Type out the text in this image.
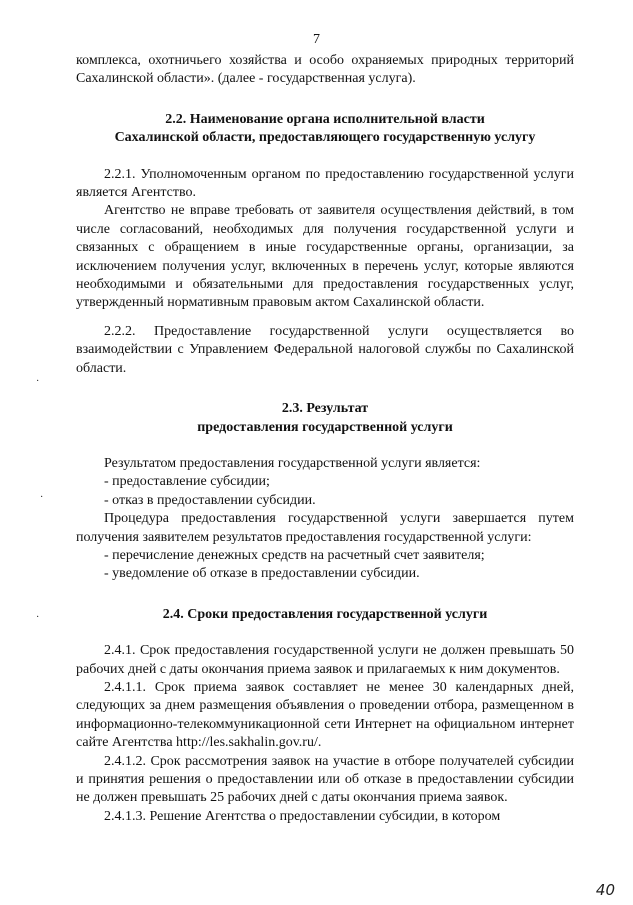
7

комплекса, охотничьего хозяйства и особо охраняемых природных территорий Сахалинской области». (далее - государственная услуга).

2.2. Наименование органа исполнительной власти

Сахалинской области, предоставляющего государственную услугу

2.2.1. Уполномоченным органом по предоставлению государственной услуги является Агентство.

Агентство не вправе требовать от заявителя осуществления действий, в том числе согласований, необходимых для получения государственной услуги и связанных с обращением в иные государственные органы, организации, за исключением получения услуг, включенных в перечень услуг, которые являются необходимыми и обязательными для предоставления государственных услуг, утвержденный нормативным правовым актом Сахалинской области.

2.2.2. Предоставление государственной услуги осуществляется во взаимодействии с Управлением Федеральной налоговой службы по Сахалинской области.

2.3. Результат

предоставления государственной услуги

Результатом предоставления государственной услуги является:

- предоставление субсидии;

- отказ в предоставлении субсидии.

Процедура предоставления государственной услуги завершается путем получения заявителем результатов предоставления государственной услуги:

- перечисление денежных средств на расчетный счет заявителя;

- уведомление об отказе в предоставлении субсидии.

2.4. Сроки предоставления государственной услуги

2.4.1. Срок предоставления государственной услуги не должен превышать 50 рабочих дней с даты окончания приема заявок и прилагаемых к ним документов.

2.4.1.1. Срок приема заявок составляет не менее 30 календарных дней, следующих за днем размещения объявления о проведении отбора, размещенном в информационно-телекоммуникационной сети Интернет на официальном интернет сайте Агентства http://les.sakhalin.gov.ru/.

2.4.1.2. Срок рассмотрения заявок на участие в отборе получателей субсидии и принятия решения о предоставлении или об отказе в предоставлении субсидии не должен превышать 25 рабочих дней с даты окончания приема заявок.

2.4.1.3. Решение Агентства о предоставлении субсидии, в котором

·
·
·
40
